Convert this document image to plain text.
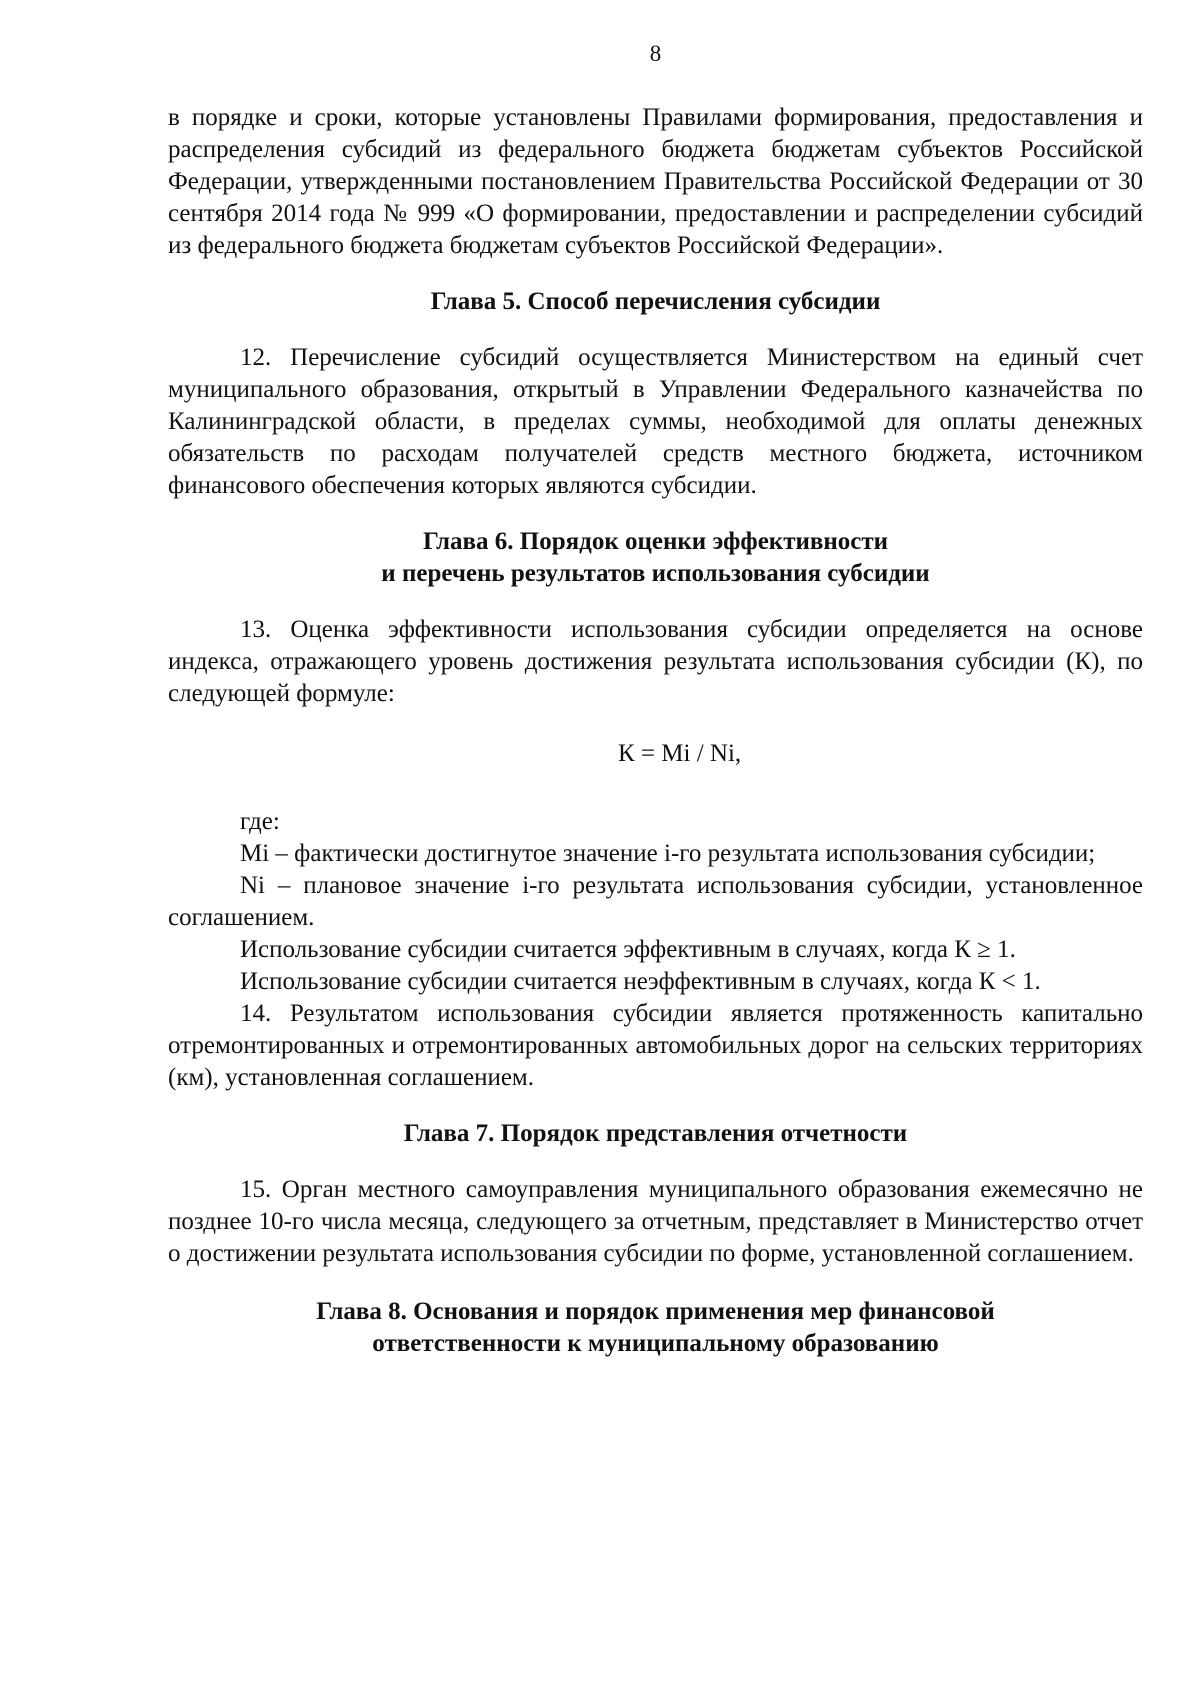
8

в порядке и сроки, которые установлены Правилами формирования, предоставления и распределения субсидий из федерального бюджета бюджетам субъектов Российской Федерации, утвержденными постановлением Правительства Российской Федерации от 30 сентября 2014 года № 999 «О формировании, предоставлении и распределении субсидий из федерального бюджета бюджетам субъектов Российской Федерации».

Глава 5. Способ перечисления субсидии

12. Перечисление субсидий осуществляется Министерством на единый счет муниципального образования, открытый в Управлении Федерального казначейства по Калининградской области, в пределах суммы, необходимой для оплаты денежных обязательств по расходам получателей средств местного бюджета, источником финансового обеспечения которых являются субсидии.

Глава 6. Порядок оценки эффективности
и перечень результатов использования субсидии

13. Оценка эффективности использования субсидии определяется на основе индекса, отражающего уровень достижения результата использования субсидии (К), по следующей формуле:

К = Mi / Ni,
где:

Mi – фактически достигнутое значение i-го результата использования субсидии;

Ni – плановое значение i-го результата использования субсидии, установленное соглашением.

Использование субсидии считается эффективным в случаях, когда К ≥ 1.

Использование субсидии считается неэффективным в случаях, когда К < 1.

14. Результатом использования субсидии является протяженность капитально отремонтированных и отремонтированных автомобильных дорог на сельских территориях (км), установленная соглашением.

Глава 7. Порядок представления отчетности

15. Орган местного самоуправления муниципального образования ежемесячно не позднее 10-го числа месяца, следующего за отчетным, представляет в Министерство отчет о достижении результата использования субсидии по форме, установленной соглашением.

Глава 8. Основания и порядок применения мер финансовой
ответственности к муниципальному образованию
